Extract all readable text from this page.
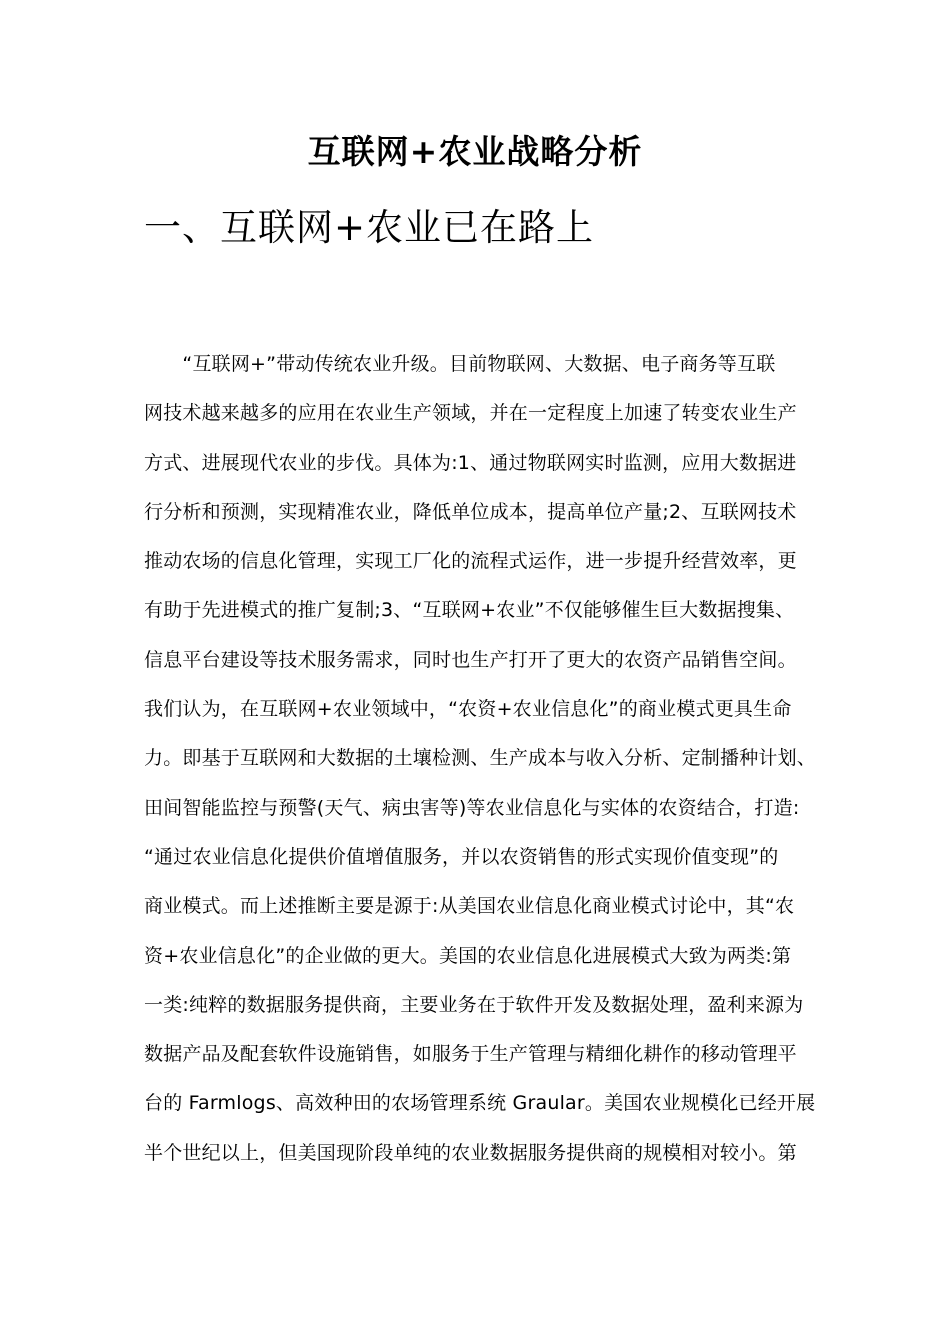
互联网+农业战略分析
一、互联网+农业已在路上
　　“互联网+”带动传统农业升级。目前物联网、大数据、电子商务等互联
网技术越来越多的应用在农业生产领域，并在一定程度上加速了转变农业生产
方式、进展现代农业的步伐。具体为:1、通过物联网实时监测，应用大数据进
行分析和预测，实现精准农业，降低单位成本，提高单位产量;2、互联网技术
推动农场的信息化管理，实现工厂化的流程式运作，进一步提升经营效率，更
有助于先进模式的推广复制;3、“互联网+农业”不仅能够催生巨大数据搜集、
信息平台建设等技术服务需求，同时也生产打开了更大的农资产品销售空间。
我们认为，在互联网+农业领域中，“农资+农业信息化”的商业模式更具生命
力。即基于互联网和大数据的土壤检测、生产成本与收入分析、定制播种计划、
田间智能监控与预警(天气、病虫害等)等农业信息化与实体的农资结合，打造:
“通过农业信息化提供价值增值服务，并以农资销售的形式实现价值变现”的
商业模式。而上述推断主要是源于:从美国农业信息化商业模式讨论中，其“农
资+农业信息化”的企业做的更大。美国的农业信息化进展模式大致为两类:第
一类:纯粹的数据服务提供商，主要业务在于软件开发及数据处理，盈利来源为
数据产品及配套软件设施销售，如服务于生产管理与精细化耕作的移动管理平
台的 Farmlogs、高效种田的农场管理系统 Graular。美国农业规模化已经开展
半个世纪以上，但美国现阶段单纯的农业数据服务提供商的规模相对较小。第
